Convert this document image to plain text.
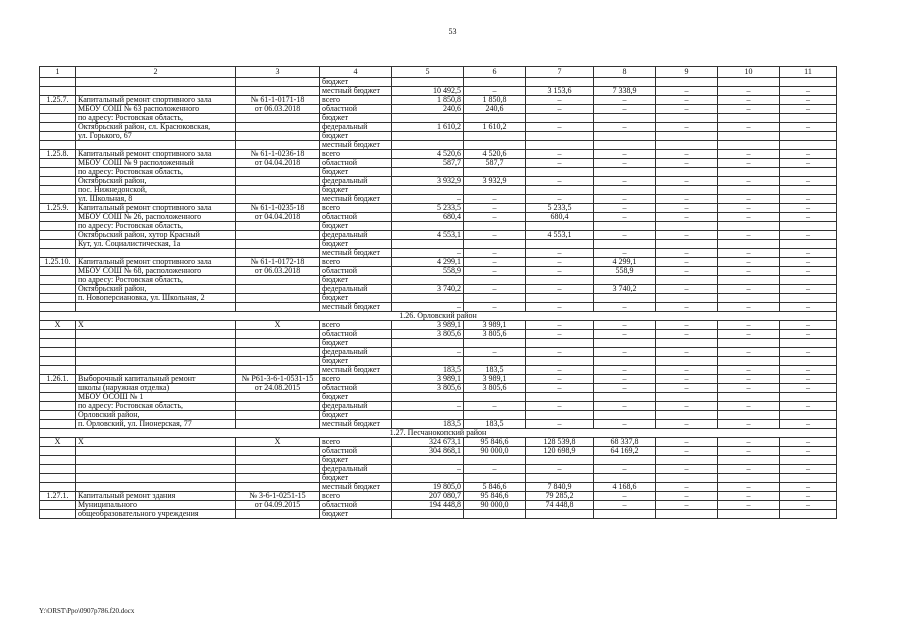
53
1	2	3	4	5	6	7	8	9	10	11
			бюджет							
			местный бюджет	10 492,5	–	3 153,6	7 338,9	–	–	–
1.25.7.	Капитальный ремонт спортивного зала	№ 61-1-0171-18	всего	1 850,8	1 850,8	–	–	–	–	–
	МБОУ СОШ № 63 расположенного	от 06.03.2018	областной	240,6	240,6	–	–	–	–	–
	по адресу: Ростовская область,		бюджет							
	Октябрьский район, сл. Красюковская,		федеральный	1 610,2	1 610,2	–	–	–	–	–
	ул. Горького, 67		бюджет							
			местный бюджет							
1.25.8.	Капитальный ремонт спортивного зала	№ 61-1-0236-18	всего	4 520,6	4 520,6	–	–	–	–	–
	МБОУ СОШ № 9 расположенный	от 04.04.2018	областной	587,7	587,7	–	–	–	–	–
	по адресу: Ростовская область,		бюджет							
	Октябрьский район,		федеральный	3 932,9	3 932,9	–	–	–	–	–
	пос. Нижнедонской,		бюджет							
	ул. Школьная, 8		местный бюджет	–	–	–	–	–	–	–
1.25.9.	Капитальный ремонт спортивного зала	№ 61-1-0235-18	всего	5 233,5	–	5 233,5	–	–	–	–
	МБОУ СОШ № 26, расположенного	от 04.04.2018	областной	680,4	–	680,4	–	–	–	–
	по адресу: Ростовская область,		бюджет							
	Октябрьский район, хутор Красный		федеральный	4 553,1	–	4 553,1	–	–	–	–
	Кут, ул. Социалистическая, 1а		бюджет							
			местный бюджет	–	–	–	–	–	–	–
1.25.10.	Капитальный ремонт спортивного зала	№ 61-1-0172-18	всего	4 299,1	–	–	4 299,1	–	–	–
	МБОУ СОШ № 68, расположенного	от 06.03.2018	областной	558,9	–	–	558,9	–	–	–
	по адресу: Ростовская область,		бюджет							
	Октябрьский район,		федеральный	3 740,2	–	–	3 740,2	–	–	–
	п. Новоперсиановка, ул. Школьная, 2		бюджет							
			местный бюджет	–	–	–	–	–	–	–
1.26. Орловский район										
Х	Х	Х	всего	3 989,1	3 989,1	–	–	–	–	–
			областной	3 805,6	3 805,6	–	–	–	–	–
			бюджет							
			федеральный	–	–	–	–	–	–	–
			бюджет							
			местный бюджет	183,5	183,5	–	–	–	–	–
1.26.1.	Выборочный капитальный ремонт	№ Р61-3-6-1-0531-15	всего	3 989,1	3 989,1	–	–	–	–	–
	школы (наружная отделка)	от 24.08.2015	областной	3 805,6	3 805,6	–	–	–	–	–
	МБОУ ОСОШ № 1		бюджет							
	по адресу: Ростовская область,		федеральный	–	–	–	–	–	–	–
	Орловский район,		бюджет							
	п. Орловский, ул. Пионерская, 77		местный бюджет	183,5	183,5	–	–	–	–	–
1.27. Песчанокопский район										
Х	Х	Х	всего	324 673,1	95 846,6	128 539,8	68 337,8	–	–	–
			областной	304 868,1	90 000,0	120 698,9	64 169,2	–	–	–
			бюджет							
			федеральный	–	–	–	–	–	–	–
			бюджет							
			местный бюджет	19 805,0	5 846,6	7 840,9	4 168,6	–	–	–
1.27.1.	Капитальный ремонт здания	№ 3-6-1-0251-15	всего	207 080,7	95 846,6	79 285,2	–	–	–	–
	Муниципального	от 04.09.2015	областной	194 448,8	90 000,0	74 448,8	–	–	–	–
	общеобразовательного учреждения		бюджет							
Y:\ORST\Ppo\0907p786.f20.docx
